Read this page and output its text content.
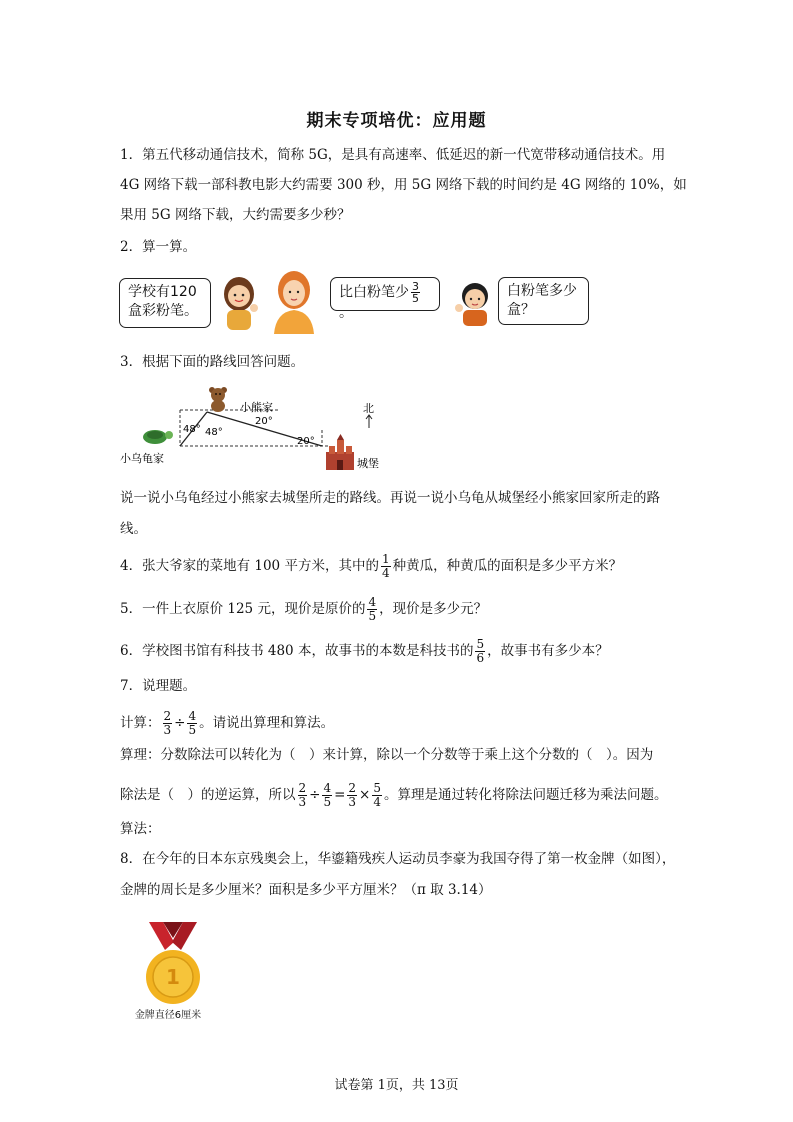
期末专项培优：应用题
1．第五代移动通信技术，简称 5G，是具有高速率、低延迟的新一代宽带移动通信技术。用
4G 网络下载一部科教电影大约需要 300 秒，用 5G 网络下载的时间约是 4G 网络的 10%，如
果用 5G 网络下载，大约需要多少秒？
2．算一算。
学校有120
盒彩粉笔。
比白粉笔少 $\frac{3}{5}$
。
白粉笔多少
盒？
3．根据下面的路线回答问题。
48° 48°
20°
20°
小熊家
小乌龟家
北
城堡
说一说小乌龟经过小熊家去城堡所走的路线。再说一说小乌龟从城堡经小熊家回家所走的路
线。
4．张大爷家的菜地有 100 平方米，其中的 $\frac{1}{4}$ 种黄瓜，种黄瓜的面积是多少平方米？
5．一件上衣原价 125 元，现价是原价的 $\frac{4}{5}$ ，现价是多少元？
6．学校图书馆有科技书 480 本，故事书的本数是科技书的 $\frac{5}{6}$ ，故事书有多少本？
7．说理题。
计算： $\frac{2}{3} \div \frac{4}{5}$ 。请说出算理和算法。
算理：分数除法可以转化为（　）来计算，除以一个分数等于乘上这个分数的（　）。因为
除法是（　）的逆运算，所以 $\frac{2}{3} \div \frac{4}{5} = \frac{2}{3} \times \frac{5}{4}$ 。算理是通过转化将除法问题迁移为乘法问题。
算法：
8．在今年的日本东京残奥会上，华鎏籍残疾人运动员李豪为我国夺得了第一枚金牌（如图），
金牌的周长是多少厘米？面积是多少平方厘米？（π 取 3.14）
1
金牌直径6厘米
试卷第 1页，共 13页
